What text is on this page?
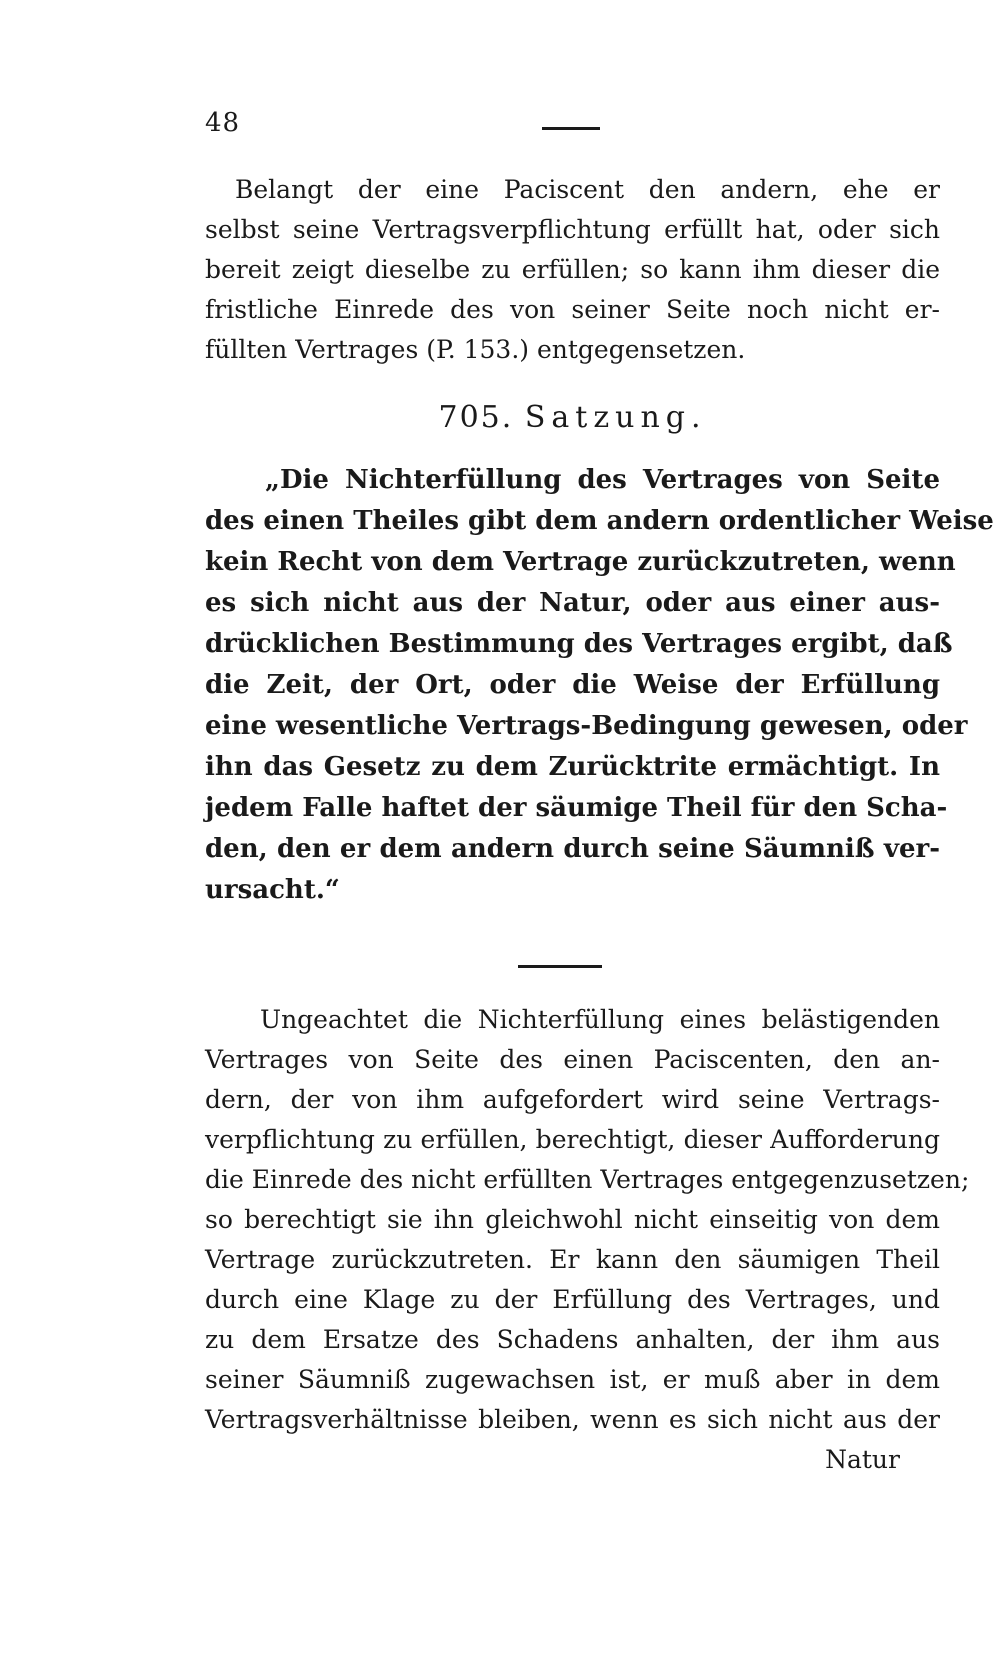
48
Belangt der eine Paciscent den andern, ehe er
selbst seine Vertragsverpflichtung erfüllt hat, oder sich
bereit zeigt dieselbe zu erfüllen; so kann ihm dieser die
fristliche Einrede des von seiner Seite noch nicht er-
füllten Vertrages (P. 153.) entgegensetzen.
705. Satzung.
„Die Nichterfüllung des Vertrages von Seite
des einen Theiles gibt dem andern ordentlicher Weise
kein Recht von dem Vertrage zurückzutreten, wenn
es sich nicht aus der Natur, oder aus einer aus-
drücklichen Bestimmung des Vertrages ergibt, daß
die Zeit, der Ort, oder die Weise der Erfüllung
eine wesentliche Vertrags-Bedingung gewesen, oder
ihn das Gesetz zu dem Zurücktrite ermächtigt. In
jedem Falle haftet der säumige Theil für den Scha-
den, den er dem andern durch seine Säumniß ver-
ursacht.“
Ungeachtet die Nichterfüllung eines belästigenden
Vertrages von Seite des einen Paciscenten, den an-
dern, der von ihm aufgefordert wird seine Vertrags-
verpflichtung zu erfüllen, berechtigt, dieser Aufforderung
die Einrede des nicht erfüllten Vertrages entgegenzusetzen;
so berechtigt sie ihn gleichwohl nicht einseitig von dem
Vertrage zurückzutreten. Er kann den säumigen Theil
durch eine Klage zu der Erfüllung des Vertrages, und
zu dem Ersatze des Schadens anhalten, der ihm aus
seiner Säumniß zugewachsen ist, er muß aber in dem
Vertragsverhältnisse bleiben, wenn es sich nicht aus der
Natur
